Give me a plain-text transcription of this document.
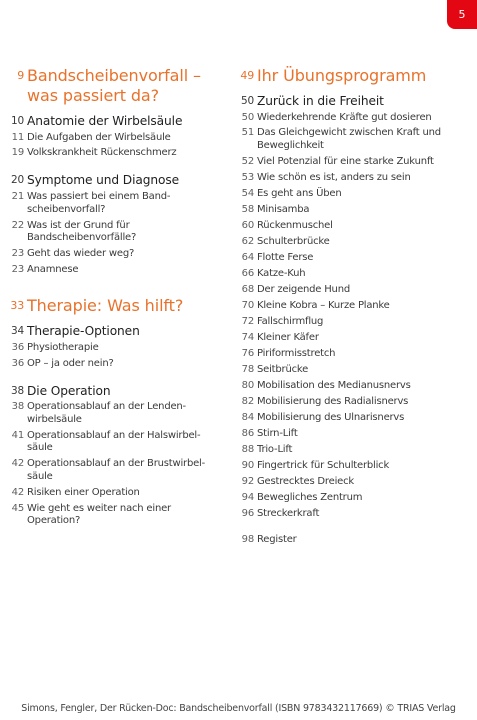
5
9 Bandscheibenvorfall – was passiert da?
10 Anatomie der Wirbelsäule
11 Die Aufgaben der Wirbelsäule
19 Volkskrankheit Rückenschmerz
20 Symptome und Diagnose
21 Was passiert bei einem Band-scheibenvorfall?
22 Was ist der Grund für Bandscheibenvorfälle?
23 Geht das wieder weg?
23 Anamnese
33 Therapie: Was hilft?
34 Therapie-Optionen
36 Physiotherapie
36 OP – ja oder nein?
38 Die Operation
38 Operationsablauf an der Lenden-wirbelsäule
41 Operationsablauf an der Halswirbel-säule
42 Operationsablauf an der Brustwirbel-säule
42 Risiken einer Operation
45 Wie geht es weiter nach einer Operation?
49 Ihr Übungsprogramm
50 Zurück in die Freiheit
50 Wiederkehrende Kräfte gut dosieren
51 Das Gleichgewicht zwischen Kraft und Beweglichkeit
52 Viel Potenzial für eine starke Zukunft
53 Wie schön es ist, anders zu sein
54 Es geht ans Üben
58 Minisamba
60 Rückenmuschel
62 Schulterbrücke
64 Flotte Ferse
66 Katze-Kuh
68 Der zeigende Hund
70 Kleine Kobra – Kurze Planke
72 Fallschirmflug
74 Kleiner Käfer
76 Piriformisstretch
78 Seitbrücke
80 Mobilisation des Medianusnervs
82 Mobilisierung des Radialisnervs
84 Mobilisierung des Ulnarisnervs
86 Stirn-Lift
88 Trio-Lift
90 Fingertrick für Schulterblick
92 Gestrecktes Dreieck
94 Bewegliches Zentrum
96 Streckerkraft
98 Register
Simons, Fengler, Der Rücken-Doc: Bandscheibenvorfall (ISBN 9783432117669) © TRIAS Verlag
